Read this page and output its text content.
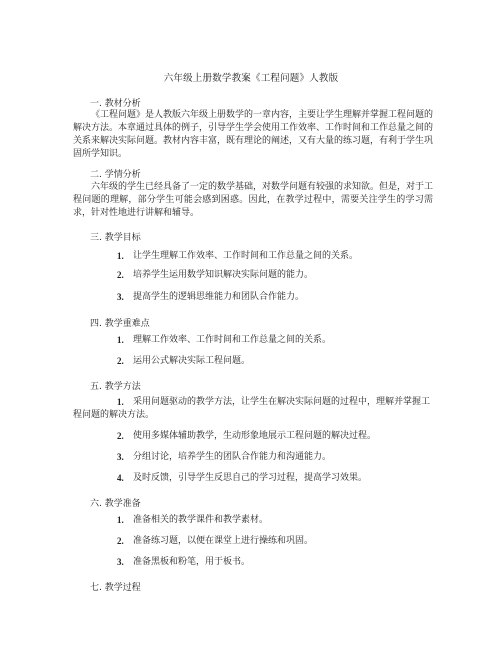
六年级上册数学教案《工程问题》人教版
一. 教材分析
《工程问题》是人教版六年级上册数学的一章内容，主要让学生理解并掌握工程问题的解决方法。本章通过具体的例子，引导学生学会使用工作效率、工作时间和工作总量之间的关系来解决实际问题。教材内容丰富，既有理论的阐述，又有大量的练习题，有利于学生巩固所学知识。
二. 学情分析
六年级的学生已经具备了一定的数学基础，对数学问题有较强的求知欲。但是，对于工程问题的理解，部分学生可能会感到困惑。因此，在教学过程中，需要关注学生的学习需求，针对性地进行讲解和辅导。
三. 教学目标
1.	让学生理解工作效率、工作时间和工作总量之间的关系。
2.	培养学生运用数学知识解决实际问题的能力。
3.	提高学生的逻辑思维能力和团队合作能力。
四. 教学重难点
1.	理解工作效率、工作时间和工作总量之间的关系。
2.	运用公式解决实际工程问题。
五. 教学方法
1.	采用问题驱动的教学方法，让学生在解决实际问题的过程中，理解并掌握工程问题的解决方法。
2.	使用多媒体辅助教学，生动形象地展示工程问题的解决过程。
3.	分组讨论，培养学生的团队合作能力和沟通能力。
4.	及时反馈，引导学生反思自己的学习过程，提高学习效果。
六. 教学准备
1.	准备相关的教学课件和教学素材。
2.	准备练习题，以便在课堂上进行操练和巩固。
3.	准备黑板和粉笔，用于板书。
七. 教学过程
